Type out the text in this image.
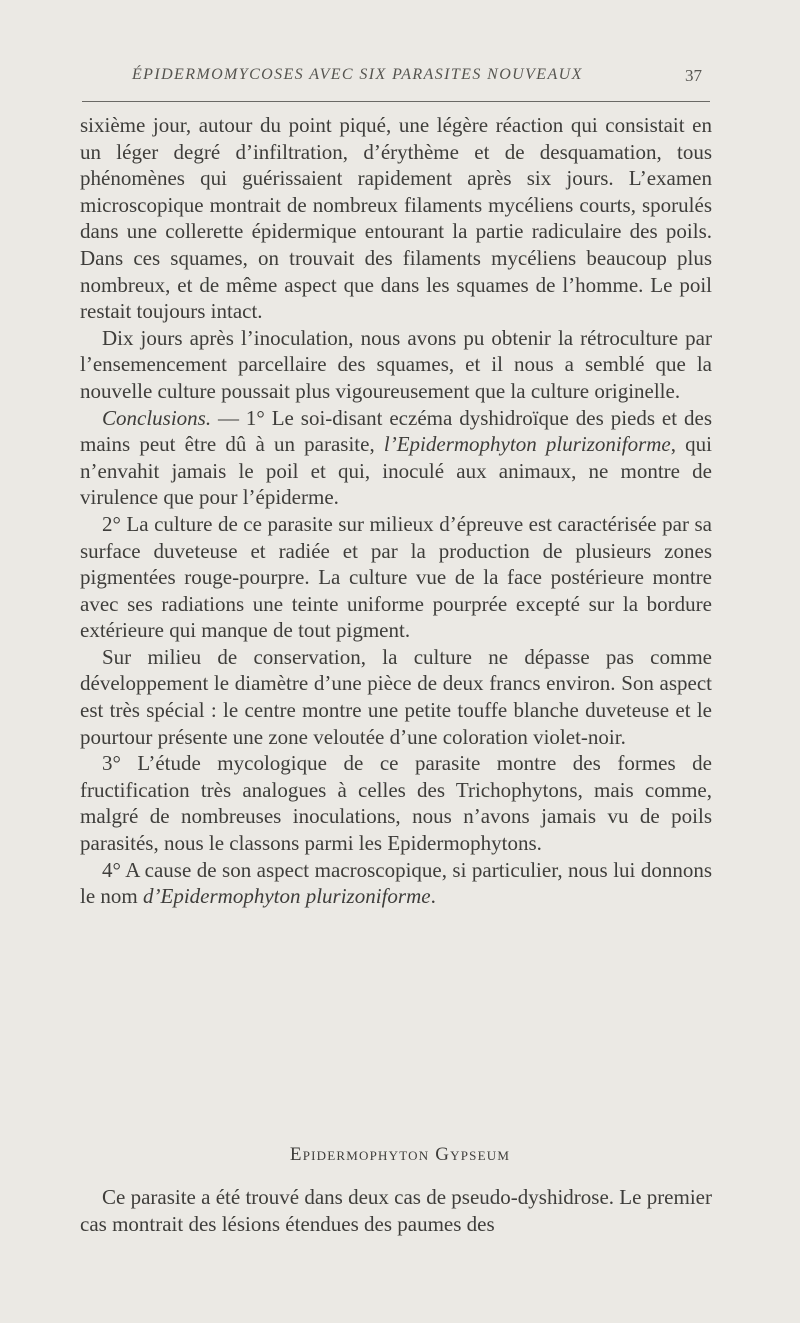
ÉPIDERMOMYCOSES AVEC SIX PARASITES NOUVEAUX	37

sixième jour, autour du point piqué, une légère réaction qui consistait en un léger degré d’infiltration, d’érythème et de desquamation, tous phénomènes qui guérissaient rapidement après six jours. L’examen microscopique montrait de nombreux filaments mycéliens courts, sporulés dans une collerette épidermique entourant la partie radiculaire des poils. Dans ces squames, on trouvait des filaments mycéliens beaucoup plus nombreux, et de même aspect que dans les squames de l’homme. Le poil restait toujours intact.

Dix jours après l’inoculation, nous avons pu obtenir la rétroculture par l’ensemencement parcellaire des squames, et il nous a semblé que la nouvelle culture poussait plus vigoureusement que la culture originelle.

Conclusions. — 1° Le soi-disant eczéma dyshidroïque des pieds et des mains peut être dû à un parasite, l’Epidermophyton plurizoniforme, qui n’envahit jamais le poil et qui, inoculé aux animaux, ne montre de virulence que pour l’épiderme.

2° La culture de ce parasite sur milieux d’épreuve est caractérisée par sa surface duveteuse et radiée et par la production de plusieurs zones pigmentées rouge-pourpre. La culture vue de la face postérieure montre avec ses radiations une teinte uniforme pourprée excepté sur la bordure extérieure qui manque de tout pigment.

Sur milieu de conservation, la culture ne dépasse pas comme développement le diamètre d’une pièce de deux francs environ. Son aspect est très spécial : le centre montre une petite touffe blanche duveteuse et le pourtour présente une zone veloutée d’une coloration violet-noir.

3° L’étude mycologique de ce parasite montre des formes de fructification très analogues à celles des Trichophytons, mais comme, malgré de nombreuses inoculations, nous n’avons jamais vu de poils parasités, nous le classons parmi les Epidermophytons.

4° A cause de son aspect macroscopique, si particulier, nous lui donnons le nom d’Epidermophyton plurizoniforme.

Epidermophyton Gypseum

Ce parasite a été trouvé dans deux cas de pseudo-dyshidrose. Le premier cas montrait des lésions étendues des paumes des
